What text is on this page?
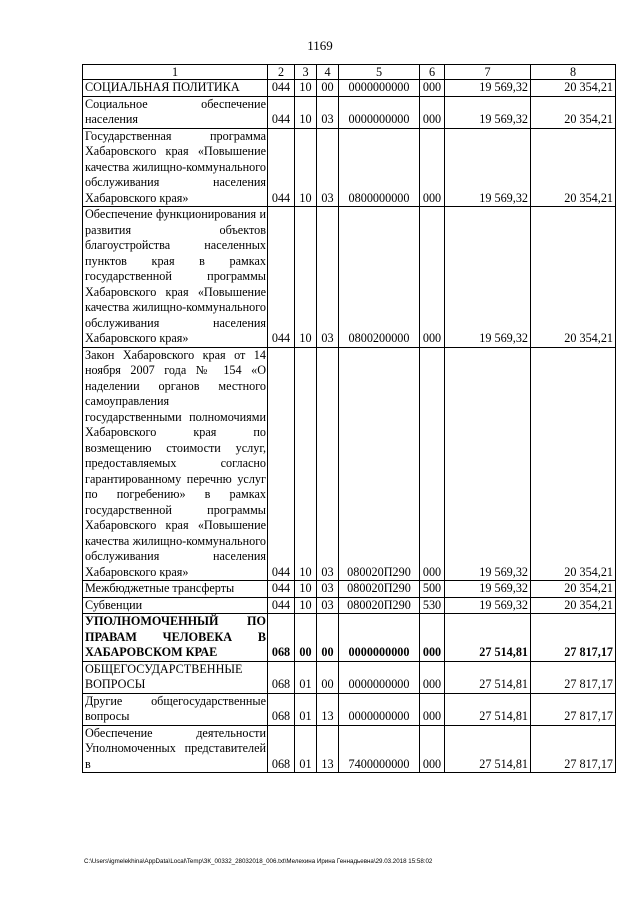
1169
1	2	3	4	5	6	7	8
СОЦИАЛЬНАЯ ПОЛИТИКА	044	10	00	0000000000	000	19 569,32	20 354,21
Социальное обеспечение населения	044	10	03	0000000000	000	19 569,32	20 354,21
Государственная программа Хабаровского края «Повышение качества жилищно-коммунального обслуживания населения Хабаровского края»	044	10	03	0800000000	000	19 569,32	20 354,21
Обеспечение функционирования и развития объектов благоустройства населенных пунктов края в рамках государственной программы Хабаровского края «Повышение качества жилищно-коммунального обслуживания населения Хабаровского края»	044	10	03	0800200000	000	19 569,32	20 354,21
Закон Хабаровского края от 14 ноября 2007 года № 154 «О наделении органов местного самоуправления государственными полномочиями Хабаровского края по возмещению стоимости услуг, предоставляемых согласно гарантированному перечню услуг по погребению» в рамках государственной программы Хабаровского края «Повышение качества жилищно-коммунального обслуживания населения Хабаровского края»	044	10	03	080020П290	000	19 569,32	20 354,21
Межбюджетные трансферты	044	10	03	080020П290	500	19 569,32	20 354,21
Субвенции	044	10	03	080020П290	530	19 569,32	20 354,21
УПОЛНОМОЧЕННЫЙ ПО ПРАВАМ ЧЕЛОВЕКА В ХАБАРОВСКОМ КРАЕ	068	00	00	0000000000	000	27 514,81	27 817,17
ОБЩЕГОСУДАРСТВЕННЫЕ ВОПРОСЫ	068	01	00	0000000000	000	27 514,81	27 817,17
Другие общегосударственные вопросы	068	01	13	0000000000	000	27 514,81	27 817,17
Обеспечение деятельности Уполномоченных представителей в	068	01	13	7400000000	000	27 514,81	27 817,17
C:\Users\igmelekhina\AppData\Local\Temp\ЗК_00332_28032018_006.txt\Мелехина Ирина Геннадьевна\29.03.2018 15:58:02
